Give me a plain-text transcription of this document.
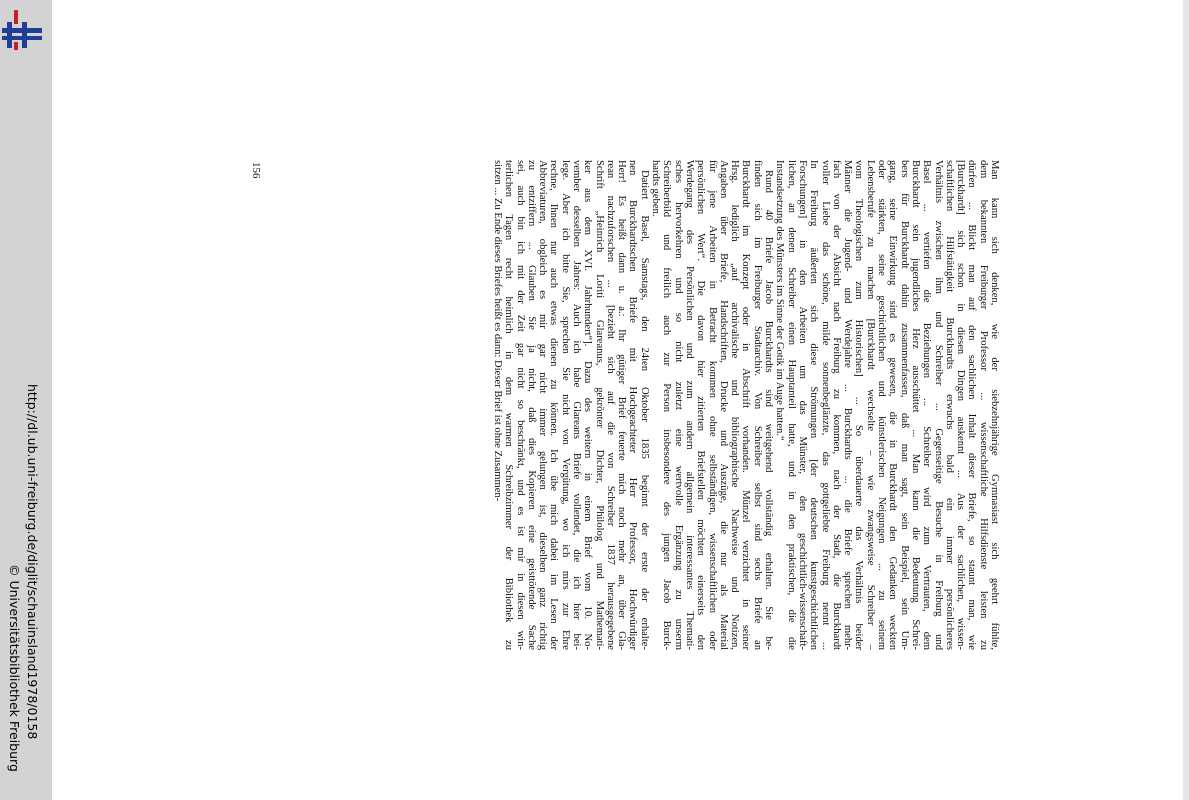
http://dl.ub.uni-freiburg.de/diglit/schauinsland1978/0158
© Universitätsbibliothek Freiburg
Man kann sich denken, wie der siebzehnjährige Gymnasiast sich geehrt fühlte,
dem bekannten Freiburger Professor ... wissenschaftliche Hilfsdienste leisten zu
dürfen ... Blickt man auf den sachlichen Inhalt dieser Briefe, so staunt man, wie
[Burckhardt] sich schon in diesen Dingen auskennt ... Aus der sachlichen, wissen-
schaftlichen Hilfstätigkeit Burckhardts erwuchs bald ein immer persönlicheres
Verhältnis zwischen ihm und Schreiber ... Gegenseitige Besuche in Freiburg und
Basel ... vertiefen die Beziehungen ... Schreiber wird zum Vertrauten, dem
Burckhardt sein jugendliches Herz ausschüttet ... Man kann die Bedeutung Schrei-
bers für Burckhardt dahin zusammenfassen, daß man sagt, sein Beispiel, sein Um-
gang, seine Einwirkung sind es gewesen, die in Burckhardt den Gedanken weckten
oder stärkten, seine geschichtlichen und künstlerischen Neigungen ... zu seinem
Lebensberufe zu machen [Burckhardt wechselte – wie zwangsweise Schreiber –
vom Theologischen zum Historischen] ... So überdauerte das Verhältnis beider
Männer die Jugend- und Werdejahre ... Burckhardts ... die Briefe sprechen mehr-
fach von der Absicht nach Freiburg zu kommen, nach der Stadt, die Burckhardt
voller Liebe das schöne, milde sonnenbeglänzte, das gottgeliebte Freiburg nennt ...
In Freiburg äußerten sich diese Strömungen [der deutschen kunstgeschichtlichen
Forschungen] in den Arbeiten um das Münster, den geschichtlich-wissenschaft-
lichen, an denen Schreiber einen Hauptanteil hatte, und in den praktischen, die die
Instandsetzung des Münsters im Sinne der Gotik im Auge hatten.“
Rund 40 Briefe Jacob Burckhardts sind weitgehend vollständig erhalten. Sie be-
finden sich im Freiburger Stadtarchiv. Von Schreiber selbst sind sechs Briefe an
Burckhardt im Konzept oder in Abschrift vorhanden. Münzel verzichtet in seiner
Hrsg. lediglich „auf archivalische und bibliographische Nachweise und Notizen,
Angaben über Briefe, Handschriften, Drucke und Auszüge, die nur als Material
für jene Arbeiten in Betracht kommen ohne selbständigen, wissenschaftlichen oder
persönlichen Wert“. Die davon hier zitierten Briefstellen möchten einerseits den
Werdegang des Persönlichen und zum andern allgemein interessantes Themati-
sches hervorkehren und so nicht zuletzt eine wertvolle Ergänzung zu unserm
Schreiberbild und freilich auch zur Person insbesondere des jungen Jacob Burck-
hardts geben.
Datiert Basel, Samstags, den 24ten Oktober 1835 beginnt der erste der erhalte-
nen Burckhardtschen Briefe mit Hochgeachteter Herr Professor, Hochwürdiger
Herr! Es heißt dann u. a.: Ihr gütiger Brief feuerte mich noch mehr an, über Gla-
rean nachzuforschen ... [bezieht sich auf die von Schreiber 1837 herausgegebene
Schrift „Heinrich Loriti Glareanus, gekrönter Dichter, Philolog und Mathemati-
ker aus dem XVI. Jahrhundert“]. Dazu des weitern in einem Brief vom 10. No-
vember desselben Jahres: Auch ich habe Glareans Briefe vollendet, die ich hier bei-
lege. Aber ich bitte Sie, sprechen Sie nicht von Vergütung, wo ich mirs zur Ehre
rechne, Ihnen nur auch etwas dienen zu können. Ich übe mich dabei im Lesen der
Abbreviaturen, obgleich es mir gar nicht immer gelungen ist, dieselben ganz richtig
zu entziffern ... Glauben Sie ja nicht, daß dies Kopieren eine geisttötende Sache
sei, auch bin ich mit der Zeit gar nicht so beschränkt, und es ist mir in diesen win-
terlichen Tagen recht heimlich in dem warmen Schreibzimmer der Bibliothek zu
sitzen ... Zu Ende dieses Briefes heißt es dann: Dieser Brief ist ohne Zusammen-
156
